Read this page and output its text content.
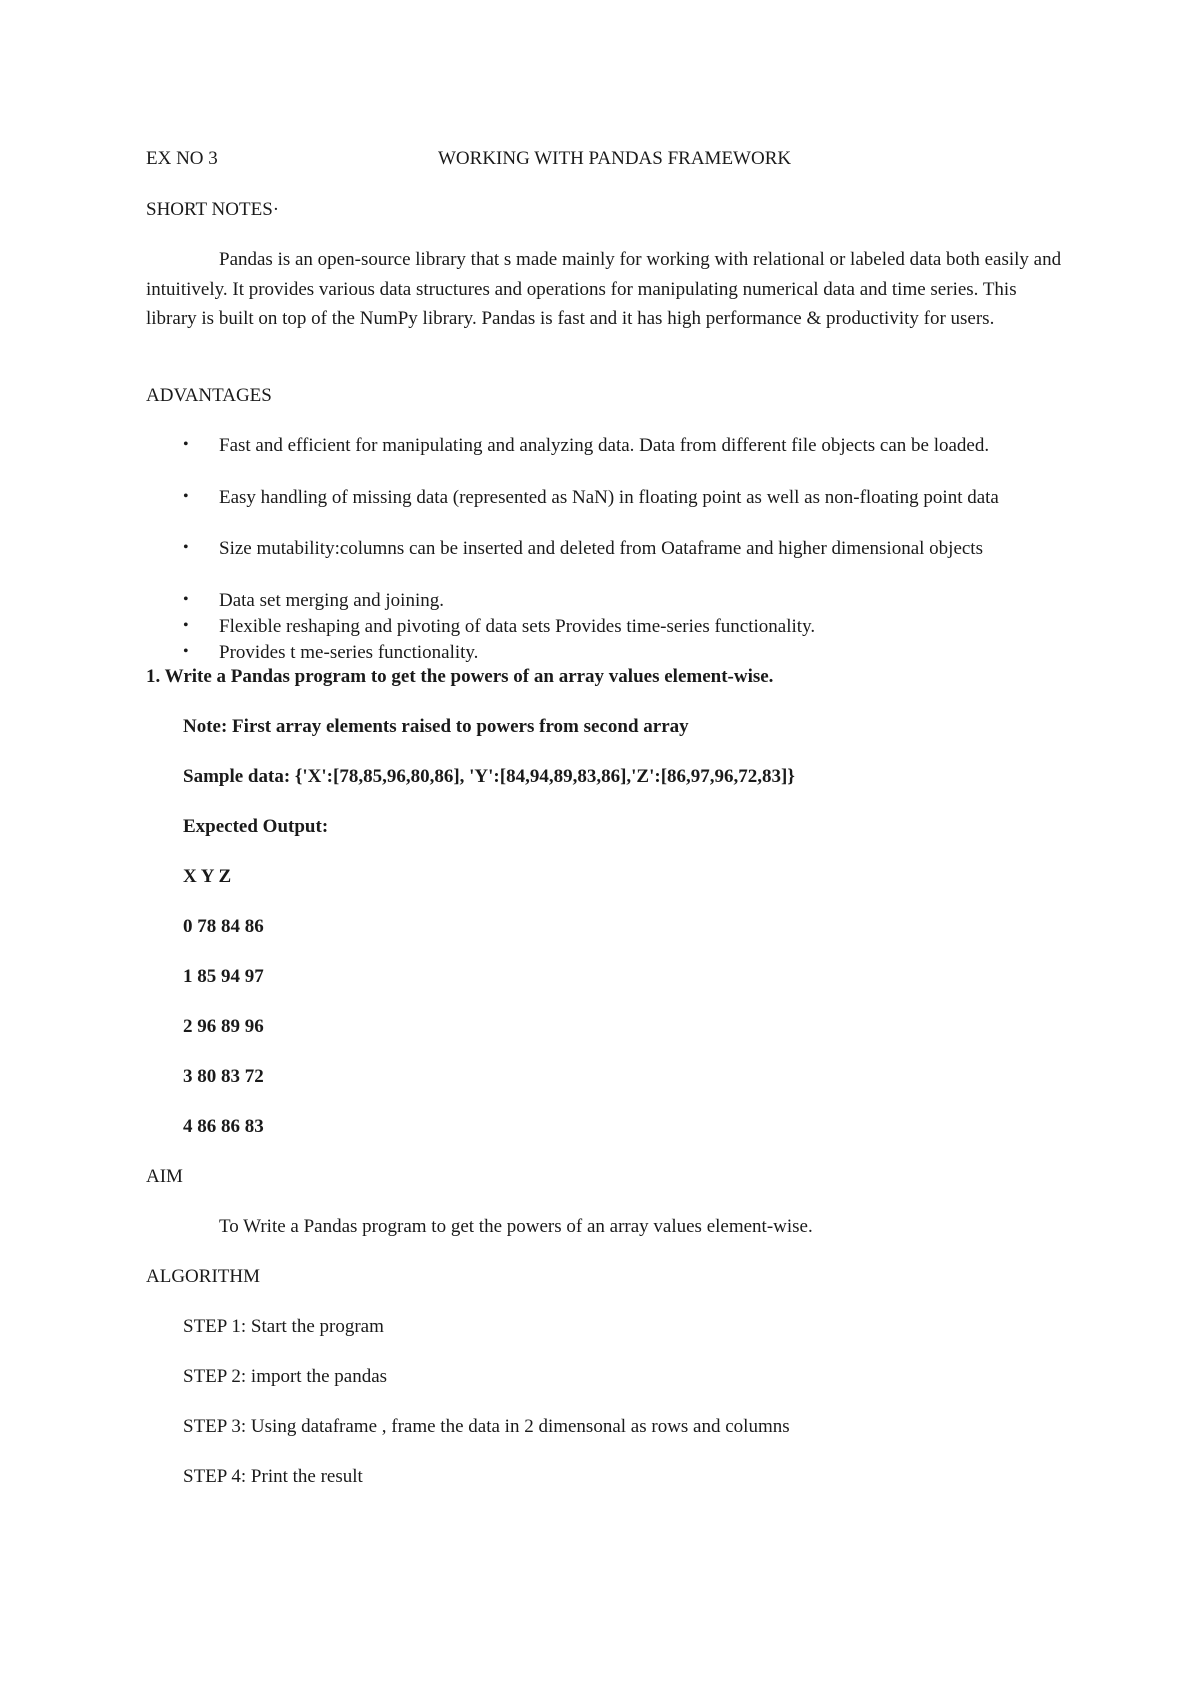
EX NO 3	WORKING WITH PANDAS FRAMEWORK
SHORT NOTES·
Pandas is an open-source library that s made mainly for working with relational or labeled data both easily and intuitively. It provides various data structures and operations for manipulating numerical data and time series. This library is built on top of the NumPy library. Pandas is fast and it has high performance & productivity for users.
ADVANTAGES
• Fast and efficient for manipulating and analyzing data. Data from different file objects can be loaded.
• Easy handling of missing data (represented as NaN) in floating point as well as non-floating point data
• Size mutability:columns can be inserted and deleted from Oataframe and higher dimensional objects
• Data set merging and joining.
• Flexible reshaping and pivoting of data sets Provides time-series functionality.
• Provides t me-series functionality.
1. Write a Pandas program to get the powers of an array values element-wise.
Note: First array elements raised to powers from second array
Sample data: {'X':[78,85,96,80,86], 'Y':[84,94,89,83,86],'Z':[86,97,96,72,83]}
Expected Output:
X Y Z
0 78 84 86
1 85 94 97
2 96 89 96
3 80 83 72
4 86 86 83
AIM
To Write a Pandas program to get the powers of an array values element-wise.
ALGORITHM
STEP 1: Start the program
STEP 2: import the pandas
STEP 3: Using dataframe , frame the data in 2 dimensonal as rows and columns
STEP 4: Print the result
